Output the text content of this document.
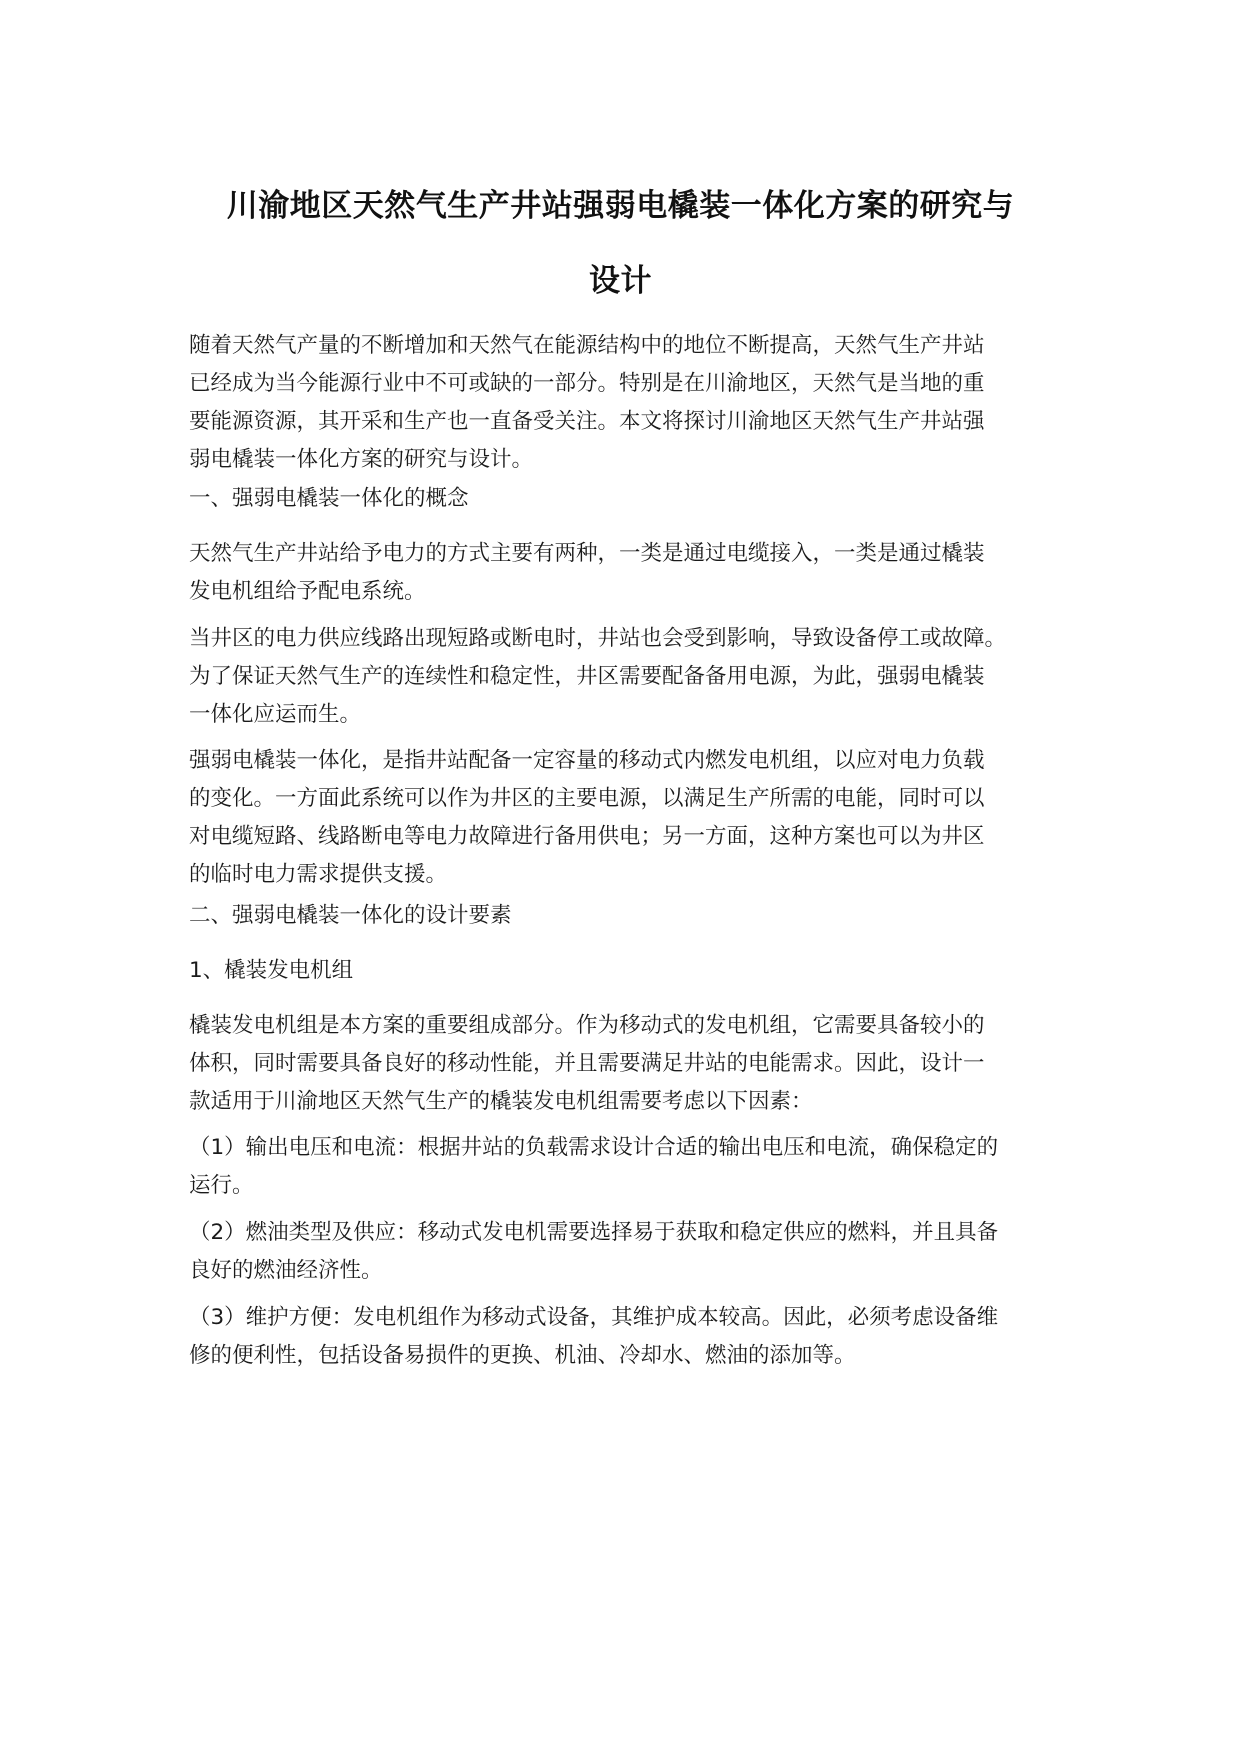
川渝地区天然气生产井站强弱电橇装一体化方案的研究与
设计
随着天然气产量的不断增加和天然气在能源结构中的地位不断提高，天然气生产井站
已经成为当今能源行业中不可或缺的一部分。特别是在川渝地区，天然气是当地的重
要能源资源，其开采和生产也一直备受关注。本文将探讨川渝地区天然气生产井站强
弱电橇装一体化方案的研究与设计。
一、强弱电橇装一体化的概念
天然气生产井站给予电力的方式主要有两种，一类是通过电缆接入，一类是通过橇装
发电机组给予配电系统。
当井区的电力供应线路出现短路或断电时，井站也会受到影响，导致设备停工或故障。
为了保证天然气生产的连续性和稳定性，井区需要配备备用电源，为此，强弱电橇装
一体化应运而生。
强弱电橇装一体化，是指井站配备一定容量的移动式内燃发电机组，以应对电力负载
的变化。一方面此系统可以作为井区的主要电源，以满足生产所需的电能，同时可以
对电缆短路、线路断电等电力故障进行备用供电；另一方面，这种方案也可以为井区
的临时电力需求提供支援。
二、强弱电橇装一体化的设计要素
1、橇装发电机组
橇装发电机组是本方案的重要组成部分。作为移动式的发电机组，它需要具备较小的
体积，同时需要具备良好的移动性能，并且需要满足井站的电能需求。因此，设计一
款适用于川渝地区天然气生产的橇装发电机组需要考虑以下因素：
（1）输出电压和电流：根据井站的负载需求设计合适的输出电压和电流，确保稳定的
运行。
（2）燃油类型及供应：移动式发电机需要选择易于获取和稳定供应的燃料，并且具备
良好的燃油经济性。
（3）维护方便：发电机组作为移动式设备，其维护成本较高。因此，必须考虑设备维
修的便利性，包括设备易损件的更换、机油、冷却水、燃油的添加等。
